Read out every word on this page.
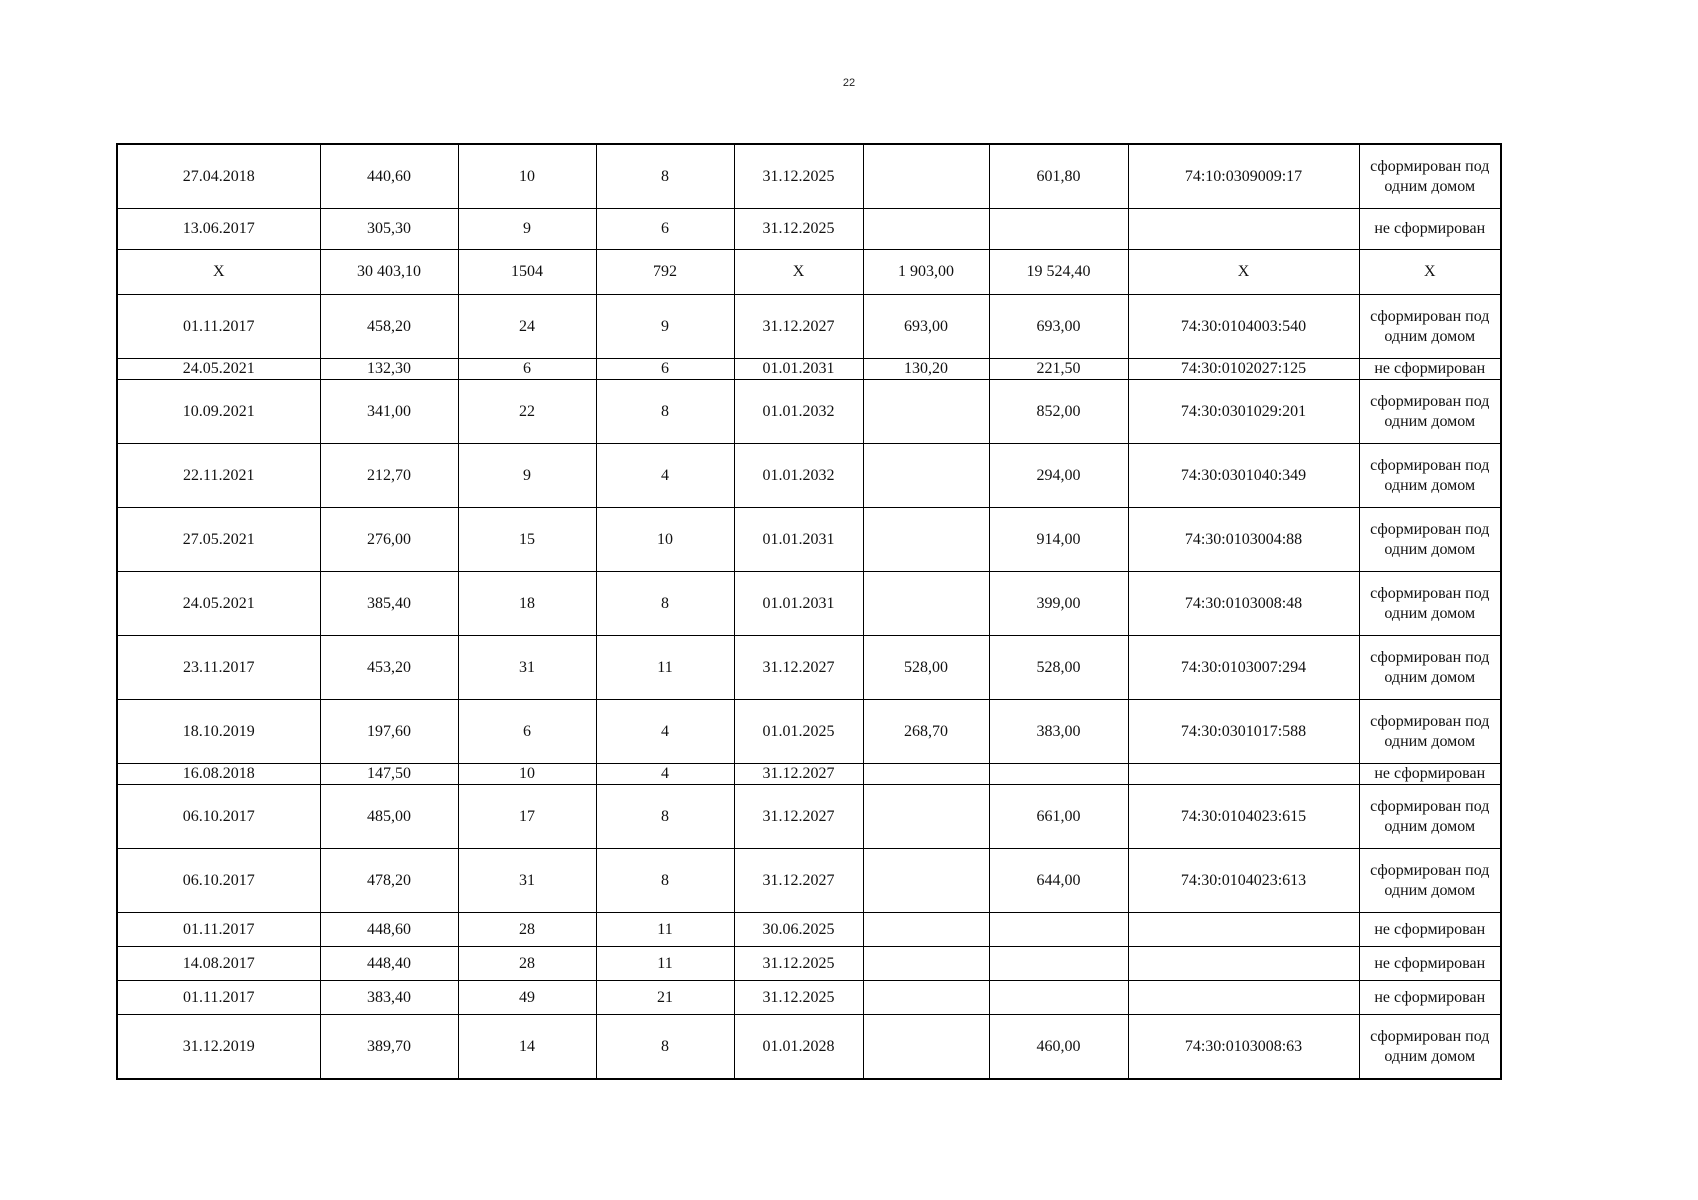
22
27.04.2018	440,60	10	8	31.12.2025		601,80	74:10:0309009:17	сформирован под одним домом
13.06.2017	305,30	9	6	31.12.2025				не сформирован
X	30 403,10	1504	792	X	1 903,00	19 524,40	X	X
01.11.2017	458,20	24	9	31.12.2027	693,00	693,00	74:30:0104003:540	сформирован под одним домом
24.05.2021	132,30	6	6	01.01.2031	130,20	221,50	74:30:0102027:125	не сформирован
10.09.2021	341,00	22	8	01.01.2032		852,00	74:30:0301029:201	сформирован под одним домом
22.11.2021	212,70	9	4	01.01.2032		294,00	74:30:0301040:349	сформирован под одним домом
27.05.2021	276,00	15	10	01.01.2031		914,00	74:30:0103004:88	сформирован под одним домом
24.05.2021	385,40	18	8	01.01.2031		399,00	74:30:0103008:48	сформирован под одним домом
23.11.2017	453,20	31	11	31.12.2027	528,00	528,00	74:30:0103007:294	сформирован под одним домом
18.10.2019	197,60	6	4	01.01.2025	268,70	383,00	74:30:0301017:588	сформирован под одним домом
16.08.2018	147,50	10	4	31.12.2027				не сформирован
06.10.2017	485,00	17	8	31.12.2027		661,00	74:30:0104023:615	сформирован под одним домом
06.10.2017	478,20	31	8	31.12.2027		644,00	74:30:0104023:613	сформирован под одним домом
01.11.2017	448,60	28	11	30.06.2025				не сформирован
14.08.2017	448,40	28	11	31.12.2025				не сформирован
01.11.2017	383,40	49	21	31.12.2025				не сформирован
31.12.2019	389,70	14	8	01.01.2028		460,00	74:30:0103008:63	сформирован под одним домом
